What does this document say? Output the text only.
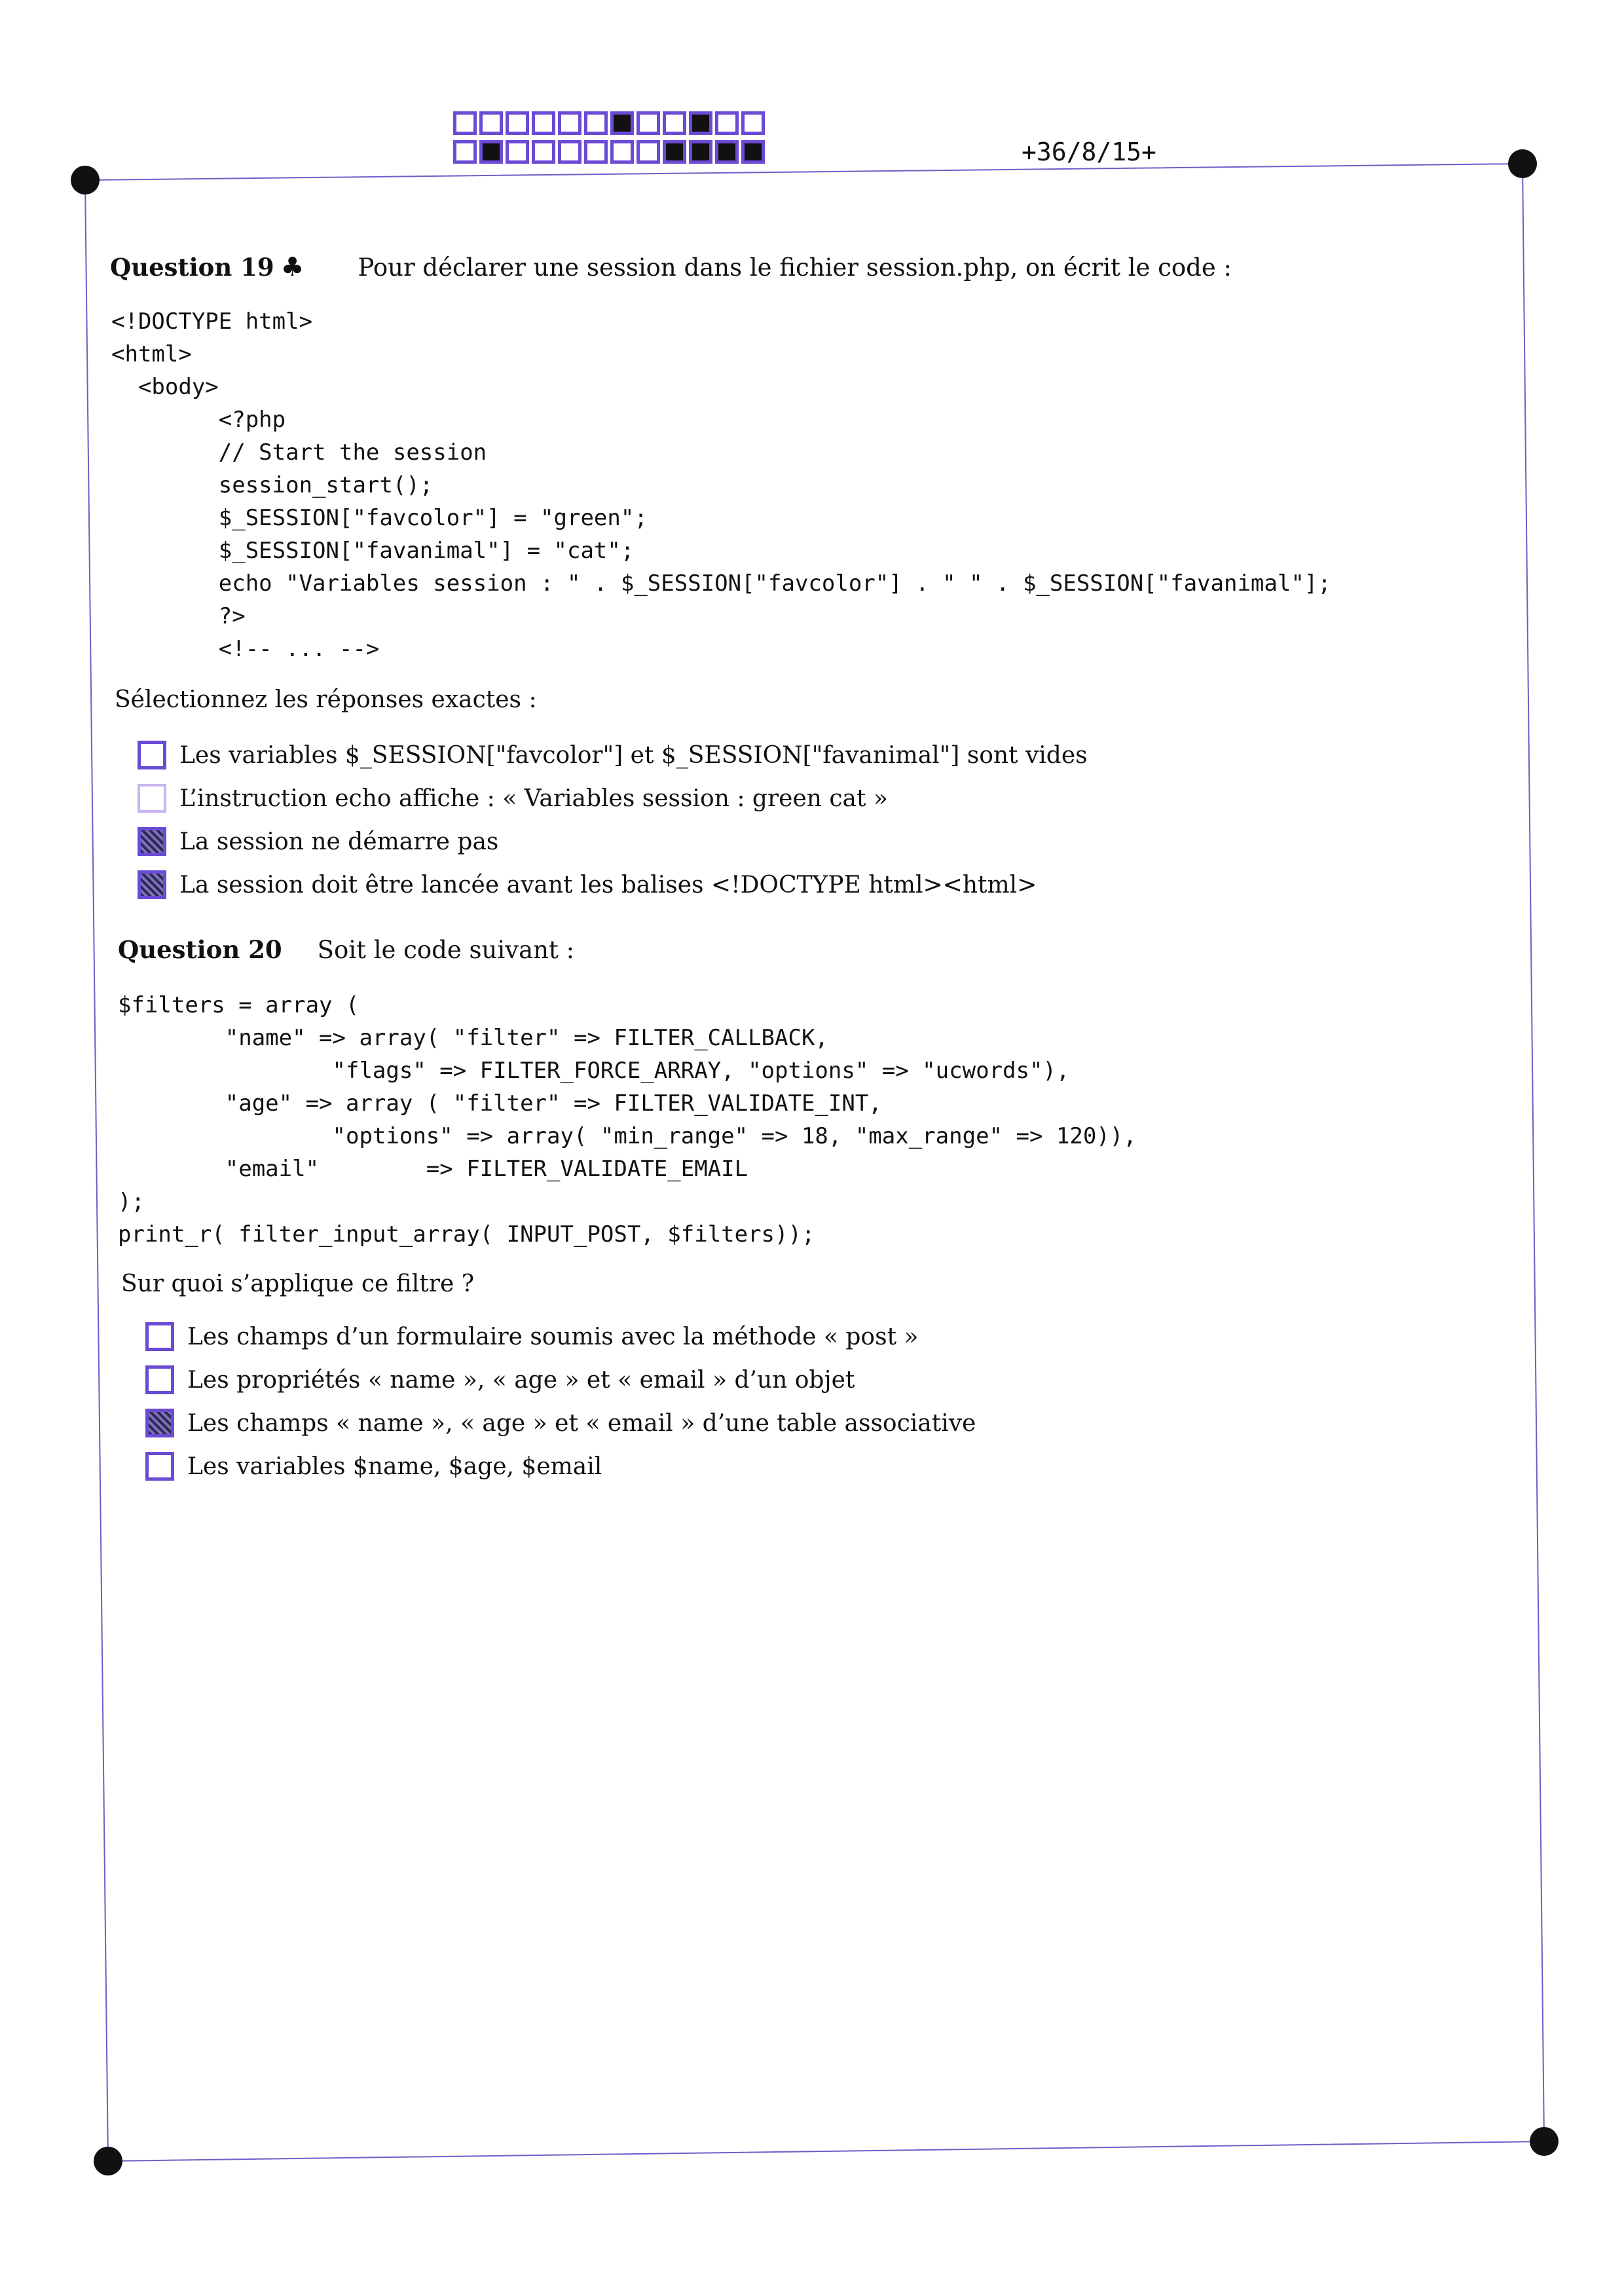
+36/8/15+
Question 19 ♣ Pour déclarer une session dans le fichier session.php, on écrit le code :
<!DOCTYPE html>
<html>
<body>
<?php
// Start the session
session_start();
$_SESSION["favcolor"] = "green";
$_SESSION["favanimal"] = "cat";
echo "Variables session : " . $_SESSION["favcolor"] . " " . $_SESSION["favanimal"];
?>
<!-- ... -->
Sélectionnez les réponses exactes :
Les variables $_SESSION["favcolor"] et $_SESSION["favanimal"] sont vides
L’instruction echo affiche : « Variables session : green cat »
La session ne démarre pas
La session doit être lancée avant les balises <!DOCTYPE html><html>
Question 20 Soit le code suivant :
$filters = array (
"name" => array( "filter" => FILTER_CALLBACK,
"flags" => FILTER_FORCE_ARRAY, "options" => "ucwords"),
"age" => array ( "filter" => FILTER_VALIDATE_INT,
"options" => array( "min_range" => 18, "max_range" => 120)),
"email"        => FILTER_VALIDATE_EMAIL
);
print_r( filter_input_array( INPUT_POST, $filters));
Sur quoi s’applique ce filtre ?
Les champs d’un formulaire soumis avec la méthode « post »
Les propriétés « name », « age » et « email » d’un objet
Les champs « name », « age » et « email » d’une table associative
Les variables $name, $age, $email
